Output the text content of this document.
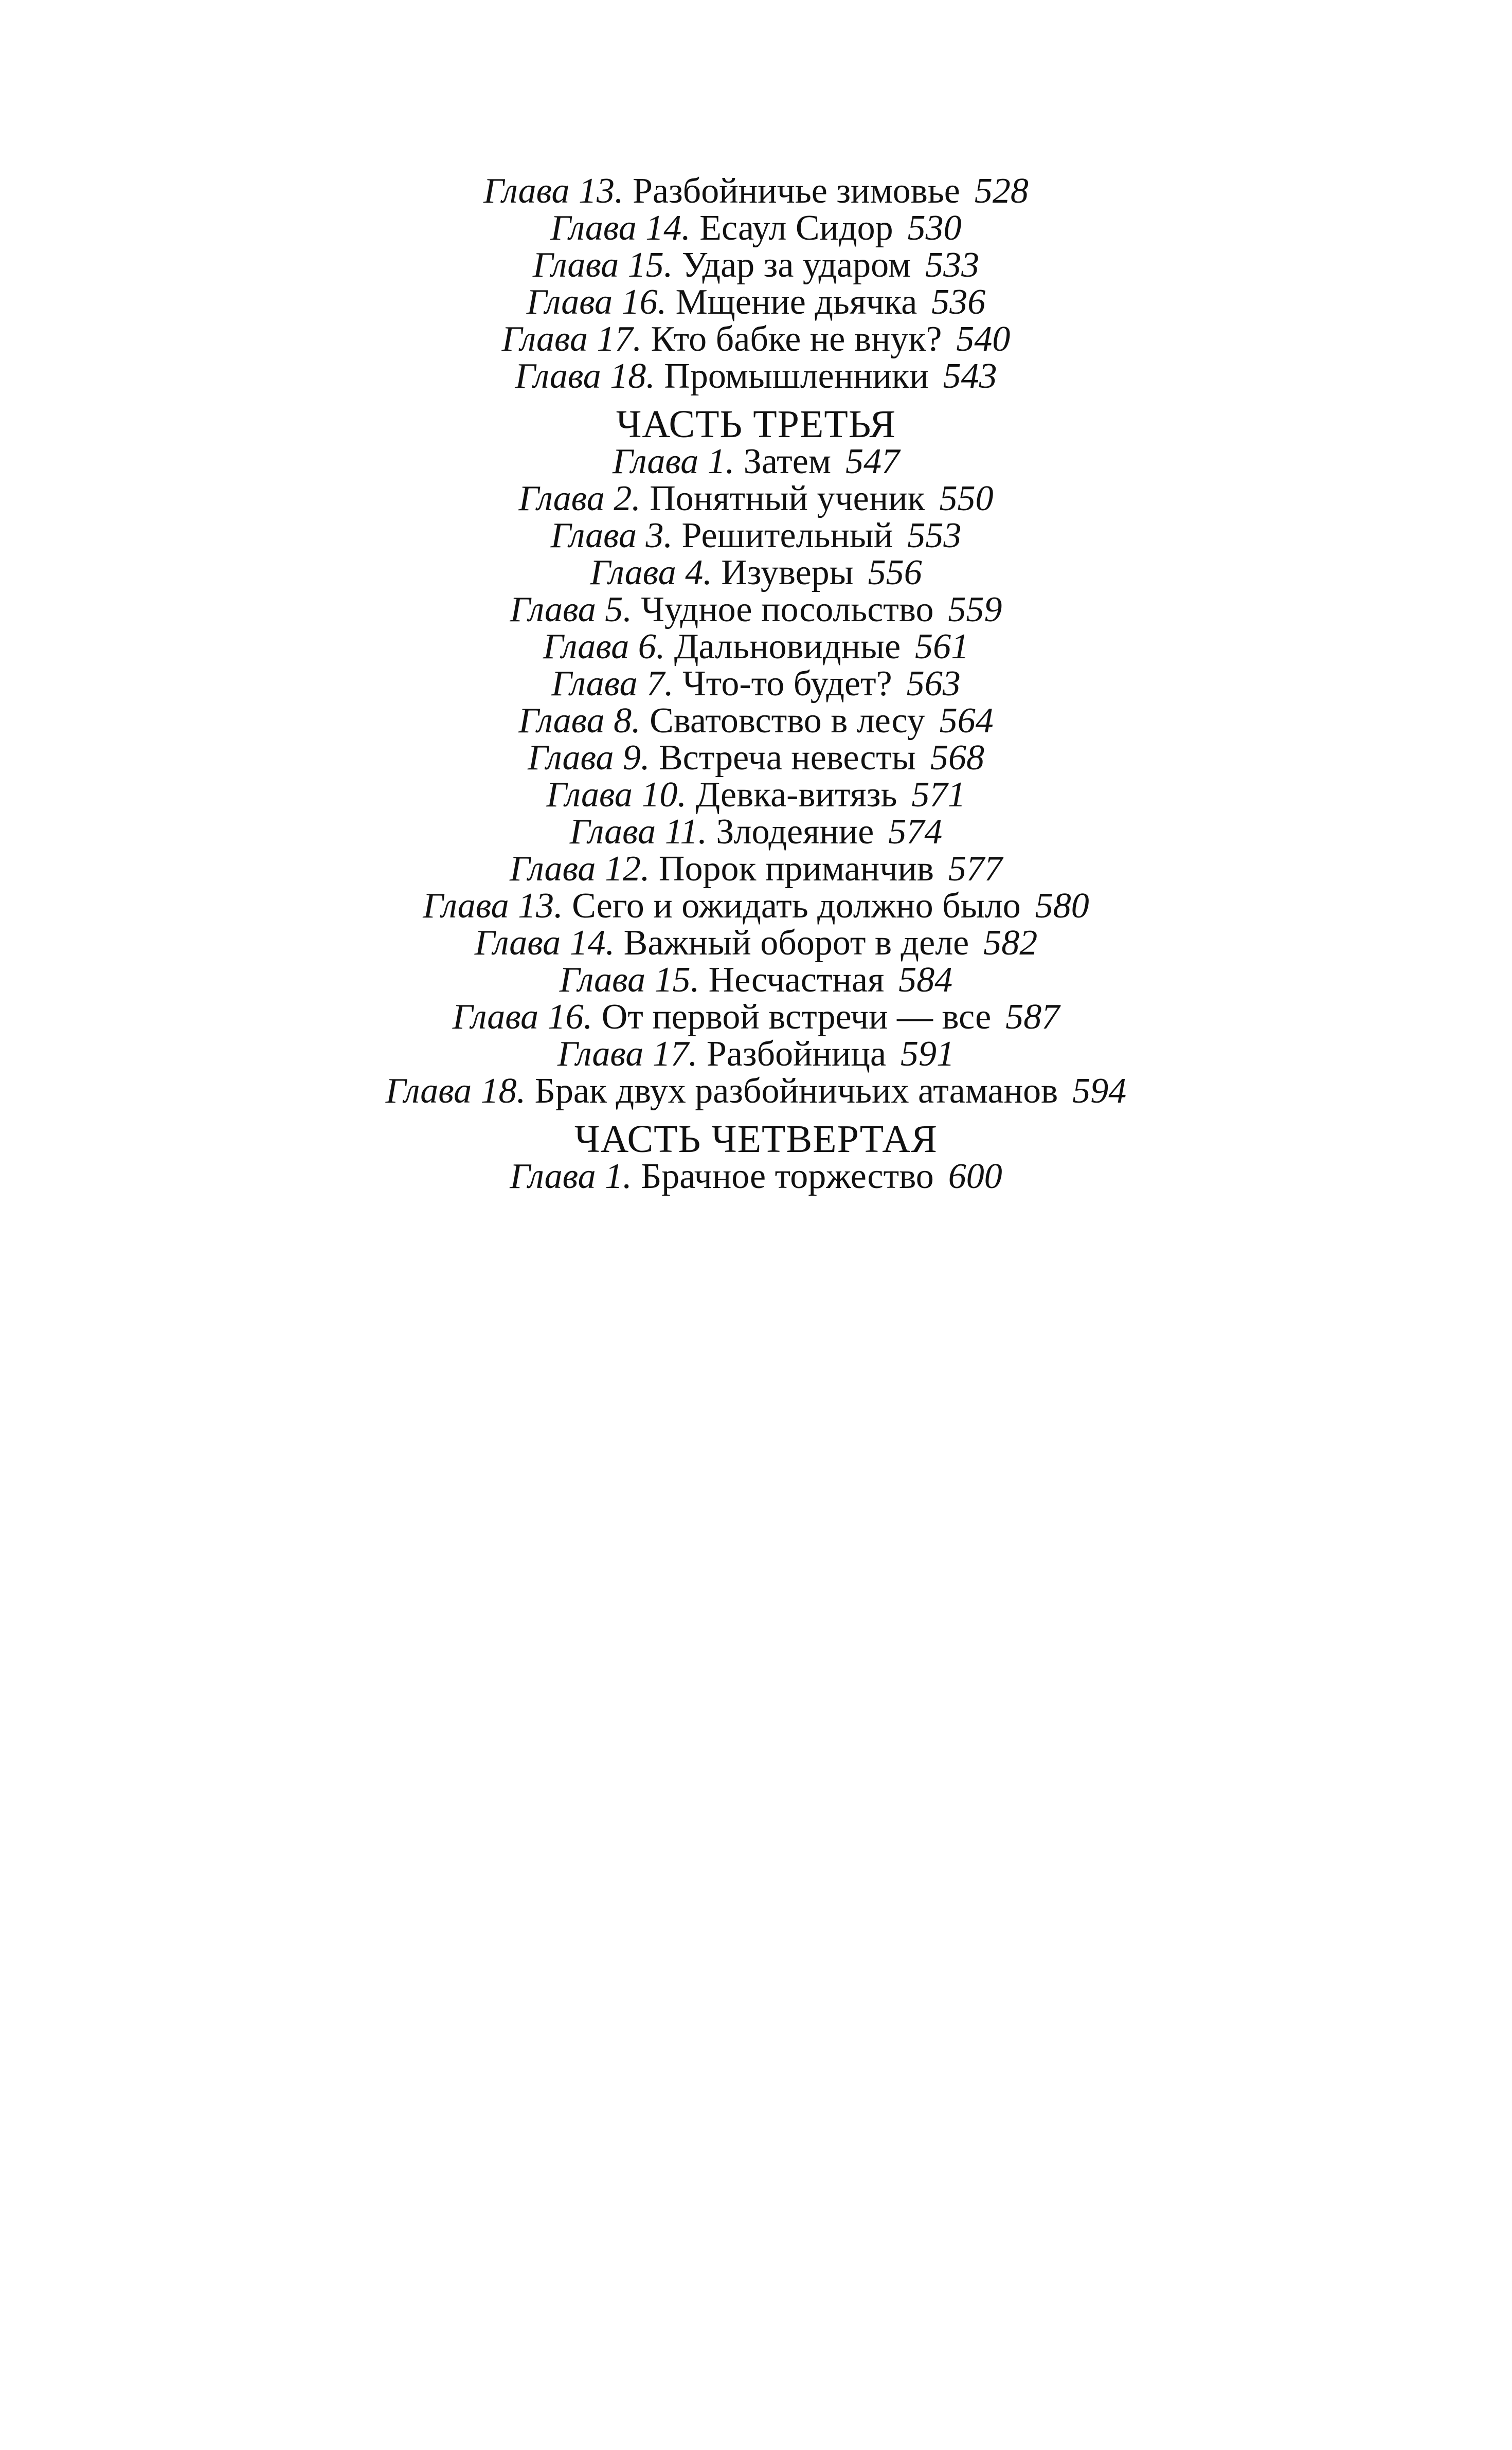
Глава 13. Разбойничье зимовье 528
Глава 14. Есаул Сидор 530
Глава 15. Удар за ударом 533
Глава 16. Мщение дьячка 536
Глава 17. Кто бабке не внук? 540
Глава 18. Промышленники 543
ЧАСТЬ ТРЕТЬЯ
Глава 1. Затем 547
Глава 2. Понятный ученик 550
Глава 3. Решительный 553
Глава 4. Изуверы 556
Глава 5. Чудное посольство 559
Глава 6. Дальновидные 561
Глава 7. Что-то будет? 563
Глава 8. Сватовство в лесу 564
Глава 9. Встреча невесты 568
Глава 10. Девка-витязь 571
Глава 11. Злодеяние 574
Глава 12. Порок приманчив 577
Глава 13. Сего и ожидать должно было 580
Глава 14. Важный оборот в деле 582
Глава 15. Несчастная 584
Глава 16. От первой встречи — все 587
Глава 17. Разбойница 591
Глава 18. Брак двух разбойничьих атаманов 594
ЧАСТЬ ЧЕТВЕРТАЯ
Глава 1. Брачное торжество 600
